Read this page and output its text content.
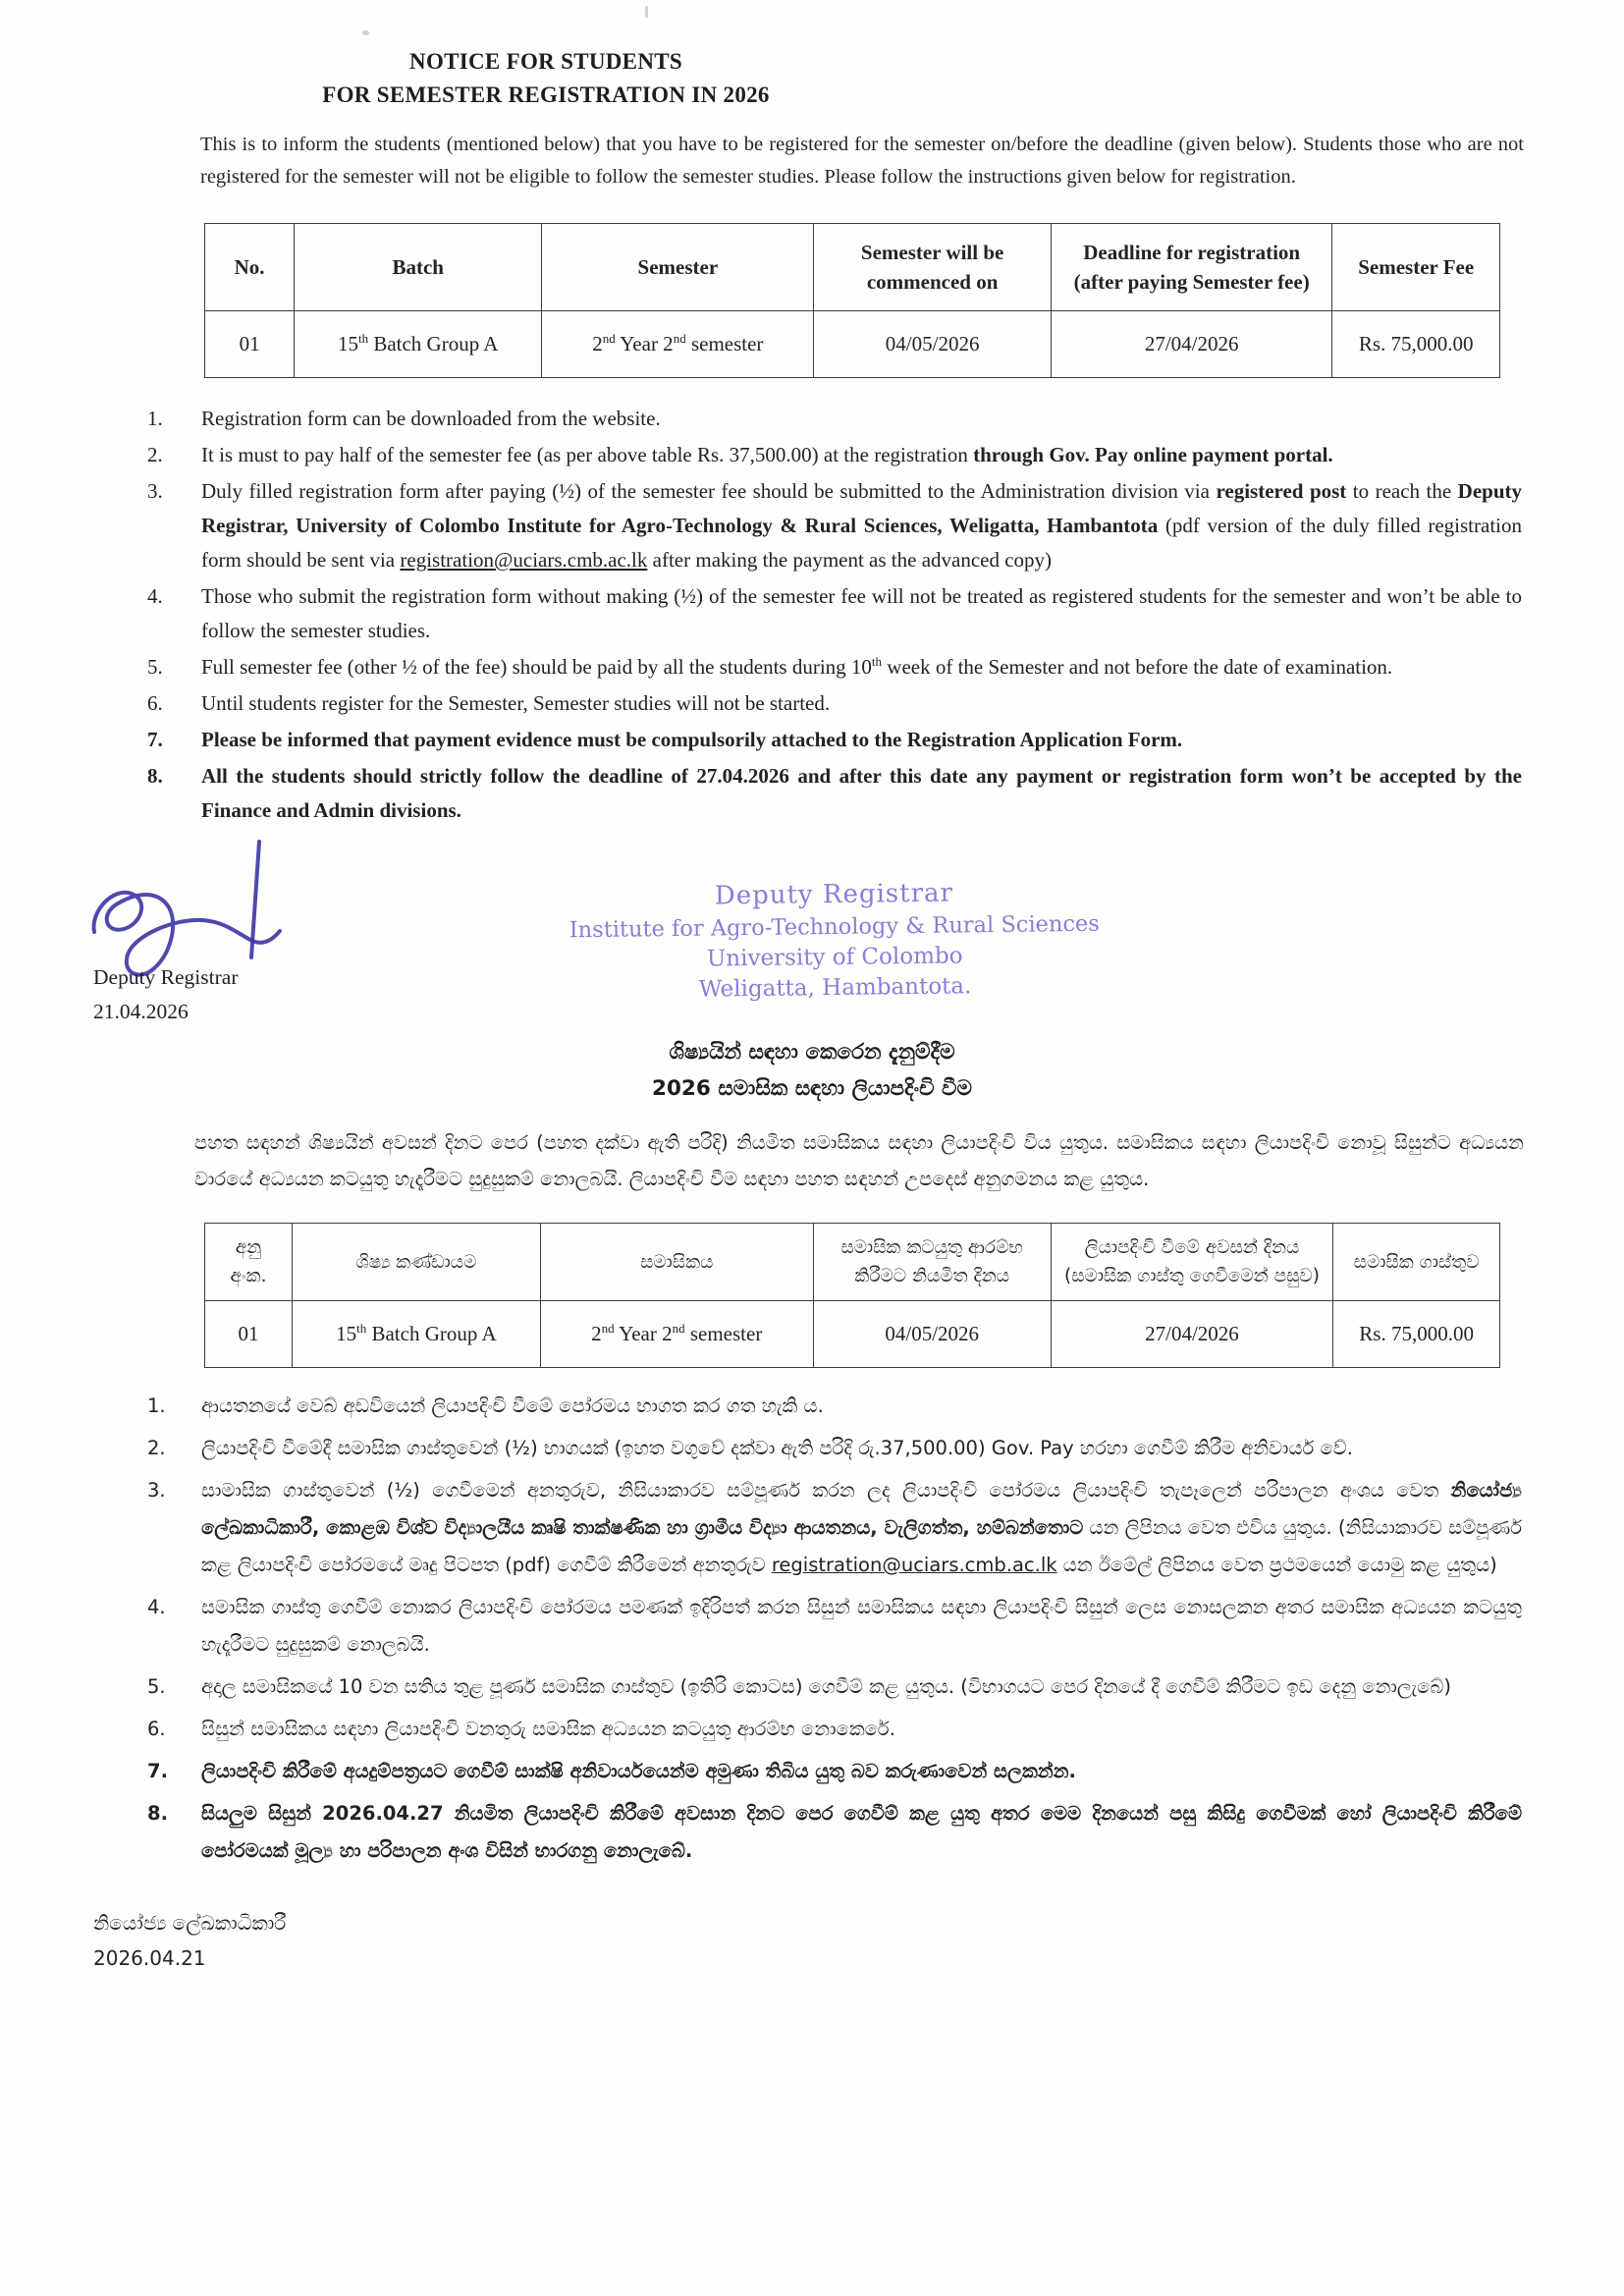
NOTICE FOR STUDENTS
FOR SEMESTER REGISTRATION IN 2026

This is to inform the students (mentioned below) that you have to be registered for the semester on/before the deadline (given below). Students those who are not registered for the semester will not be eligible to follow the semester studies. Please follow the instructions given below for registration.

No.	Batch	Semester	Semester will be commenced on	Deadline for registration (after paying Semester fee)	Semester Fee
01	15th Batch Group A	2nd Year 2nd semester	04/05/2026	27/04/2026	Rs. 75,000.00
1.	Registration form can be downloaded from the website.
2.	It is must to pay half of the semester fee (as per above table Rs. 37,500.00) at the registration through Gov. Pay online payment portal.
3.	Duly filled registration form after paying (½) of the semester fee should be submitted to the Administration division via registered post to reach the Deputy Registrar, University of Colombo Institute for Agro-Technology & Rural Sciences, Weligatta, Hambantota (pdf version of the duly filled registration form should be sent via registration@uciars.cmb.ac.lk after making the payment as the advanced copy)
4.	Those who submit the registration form without making (½) of the semester fee will not be treated as registered students for the semester and won’t be able to follow the semester studies.
5.	Full semester fee (other ½ of the fee) should be paid by all the students during 10th week of the Semester and not before the date of examination.
6.	Until students register for the Semester, Semester studies will not be started.
7.	Please be informed that payment evidence must be compulsorily attached to the Registration Application Form.
8.	All the students should strictly follow the deadline of 27.04.2026 and after this date any payment or registration form won’t be accepted by the Finance and Admin divisions.
Deputy Registrar
21.04.2026
Deputy Registrar
Institute for Agro-Technology & Rural Sciences
University of Colombo
Weligatta, Hambantota.
ශිෂ්‍යයින් සඳහා කෙරෙන දැනුම්දීම
2026 සමාසික සඳහා ලියාපදිංචි වීම

පහත සඳහන් ශිෂ්‍යයින් අවසන් දිනට පෙර (පහත දක්වා ඇති පරිදි) නියමිත සමාසිකය සඳහා ලියාපදිංචි විය යුතුය. සමාසිකය සඳහා ලියාපදිංචි නොවූ සිසුන්ට අධ්‍යයන වාරයේ අධ්‍යයන කටයුතු හැදෑරීමට සුදුසුකම් නොලබයි. ලියාපදිංචි වීම සඳහා පහත සඳහන් උපදෙස් අනුගමනය කළ යුතුය.

අනු අංක.	ශිෂ්‍ය කණ්ඩායම	සමාසිකය	සමාසික කටයුතු ආරම්භ කිරීමට නියමිත දිනය	ලියාපදිංචි වීමේ අවසන් දිනය (සමාසික ගාස්තු ගෙවීමෙන් පසුව)	සමාසික ගාස්තුව
01	15th Batch Group A	2nd Year 2nd semester	04/05/2026	27/04/2026	Rs. 75,000.00
1.	ආයතනයේ වෙබ් අඩවියෙන් ලියාපදිංචි වීමේ පෝරමය භාගත කර ගත හැකි ය.
2.	ලියාපදිංචි වීමේදී සමාසික ගාස්තුවෙන් (½) භාගයක් (ඉහත වගුවේ දක්වා ඇති පරිදි රු.37,500.00) Gov. Pay හරහා ගෙවීම් කිරීම අනිවාර්ය වේ.
3.	සාමාසික ගාස්තුවෙන් (½) ගෙවීමෙන් අනතුරුව, නිසියාකාරව සම්පූර්ණ කරන ලද ලියාපදිංචි පෝරමය ලියාපදිංචි තැපෑලෙන් පරිපාලන අංශය වෙත නියෝජ්‍ය ලේඛකාධිකාරී, කොළඹ විශ්ව විද්‍යාලයීය කෘෂි තාක්ෂණික හා ග්‍රාමීය විද්‍යා ආයතනය, වැලිගත්ත, හම්බන්තොට යන ලිපිනය වෙත එවිය යුතුය. (නිසියාකාරව සම්පූර්ණ කළ ලියාපදිංචි පෝරමයේ මෘදු පිටපත (pdf) ගෙවීම් කිරීමෙන් අනතුරුව registration@uciars.cmb.ac.lk යන ඊමේල් ලිපිනය වෙත ප්‍රථමයෙන් යොමු කළ යුතුය)
4.	සමාසික ගාස්තු ගෙවීම් නොකර ලියාපදිංචි පෝරමය පමණක් ඉදිරිපත් කරන සිසුන් සමාසිකය සඳහා ලියාපදිංචි සිසුන් ලෙස නොසලකන අතර සමාසික අධ්‍යයන කටයුතු හැදෑරීමට සුදුසුකම් නොලබයි.
5.	අදාල සමාසිකයේ 10 වන සතිය තුළ පූර්ණ සමාසික ගාස්තුව (ඉතිරි කොටස) ගෙවීම් කළ යුතුය. (විභාගයට පෙර දිනයේ දී ගෙවීම් කිරීමට ඉඩ දෙනු නොලැබේ)
6.	සිසුන් සමාසිකය සඳහා ලියාපදිංචි වනතුරු සමාසික අධ්‍යයන කටයුතු ආරම්භ නොකෙරේ.
7.	ලියාපදිංචි කිරීමේ අයදුම්පත්‍රයට ගෙවීම් සාක්ෂි අනිවාර්යයෙන්ම අමුණා තිබිය යුතු බව කරුණාවෙන් සලකන්න.
8.	සියලුම සිසුන් 2026.04.27 නියමිත ලියාපදිංචි කිරීමේ අවසාන දිනට පෙර ගෙවීම් කළ යුතු අතර මෙම දිනයෙන් පසු කිසිදු ගෙවීමක් හෝ ලියාපදිංචි කිරීමේ පෝරමයක් මූල්‍ය හා පරිපාලන අංශ විසින් භාරගනු නොලැබේ.
නියෝජ්‍ය ලේඛකාධිකාරී
2026.04.21
